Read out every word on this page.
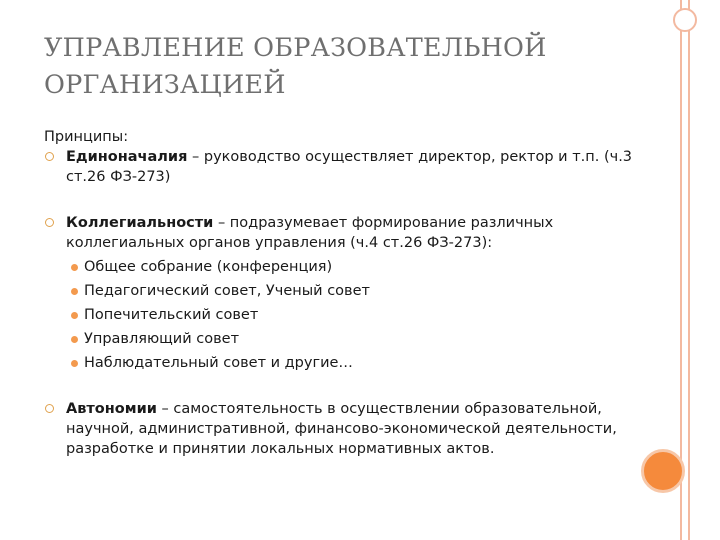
УПРАВЛЕНИЕ ОБРАЗОВАТЕЛЬНОЙ
ОРГАНИЗАЦИЕЙ

Принципы:

Единоначалия – руководство осуществляет директор, ректор и т.п. (ч.3 ст.26 ФЗ-273)

Коллегиальности – подразумевает формирование различных коллегиальных органов управления (ч.4 ст.26 ФЗ-273):
Общее собрание (конференция)
Педагогический совет, Ученый совет
Попечительский совет
Управляющий совет
Наблюдательный совет и другие…

Автономии – самостоятельность в осуществлении образовательной, научной, административной, финансово-экономической деятельности, разработке и принятии локальных нормативных актов.
